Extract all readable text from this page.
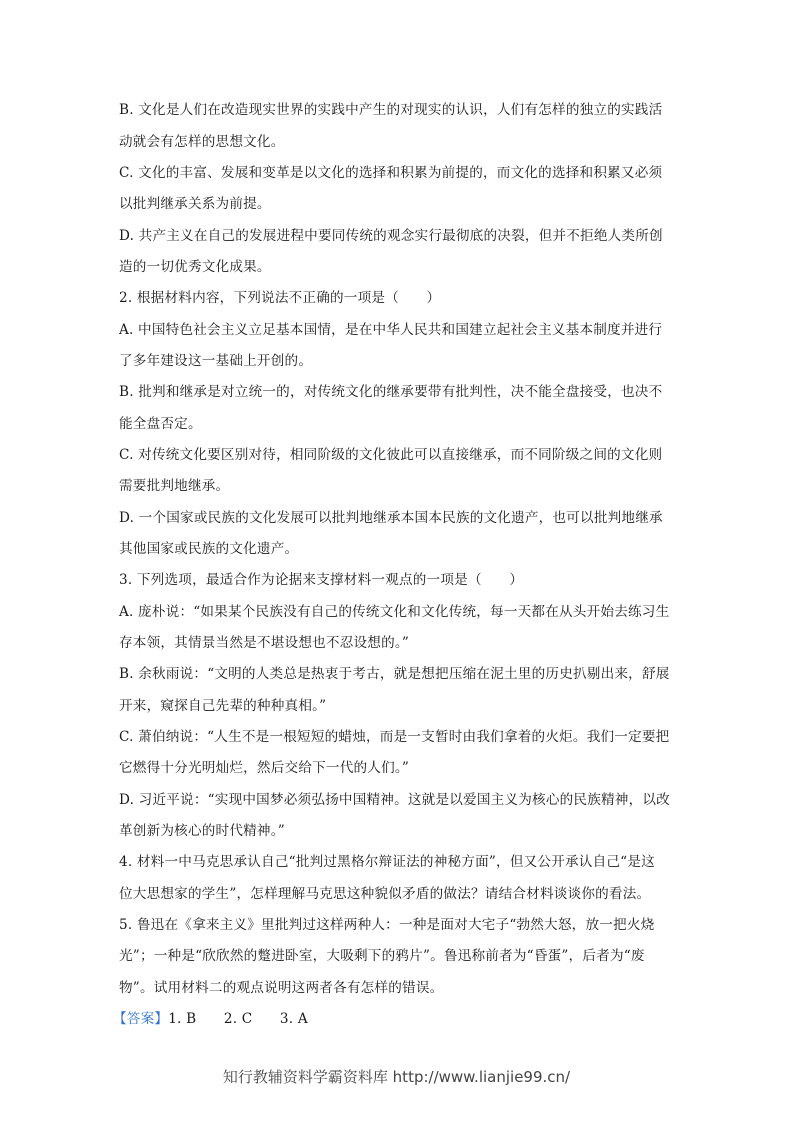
B. 文化是人们在改造现实世界的实践中产生的对现实的认识，人们有怎样的独立的实践活
动就会有怎样的思想文化。
C. 文化的丰富、发展和变革是以文化的选择和积累为前提的，而文化的选择和积累又必须
以批判继承关系为前提。
D. 共产主义在自己的发展进程中要同传统的观念实行最彻底的决裂，但并不拒绝人类所创
造的一切优秀文化成果。
2. 根据材料内容，下列说法不正确的一项是（　　）
A. 中国特色社会主义立足基本国情，是在中华人民共和国建立起社会主义基本制度并进行
了多年建设这一基础上开创的。
B. 批判和继承是对立统一的，对传统文化的继承要带有批判性，决不能全盘接受，也决不
能全盘否定。
C. 对传统文化要区别对待，相同阶级的文化彼此可以直接继承，而不同阶级之间的文化则
需要批判地继承。
D. 一个国家或民族的文化发展可以批判地继承本国本民族的文化遗产，也可以批判地继承
其他国家或民族的文化遗产。
3. 下列选项，最适合作为论据来支撑材料一观点的一项是（　　）
A. 庞朴说：“如果某个民族没有自己的传统文化和文化传统，每一天都在从头开始去练习生
存本领，其情景当然是不堪设想也不忍设想的。”
B. 余秋雨说：“文明的人类总是热衷于考古，就是想把压缩在泥土里的历史扒剔出来，舒展
开来，窥探自己先辈的种种真相。”
C. 萧伯纳说：“人生不是一根短短的蜡烛，而是一支暂时由我们拿着的火炬。我们一定要把
它燃得十分光明灿烂，然后交给下一代的人们。”
D. 习近平说：“实现中国梦必须弘扬中国精神。这就是以爱国主义为核心的民族精神，以改
革创新为核心的时代精神。”
4. 材料一中马克思承认自己“批判过黑格尔辩证法的神秘方面”，但又公开承认自己“是这
位大思想家的学生”，怎样理解马克思这种貌似矛盾的做法？请结合材料谈谈你的看法。
5. 鲁迅在《拿来主义》里批判过这样两种人：一种是面对大宅子“勃然大怒，放一把火烧
光”；一种是“欣欣然的蹩进卧室，大吸剩下的鸦片”。鲁迅称前者为“昏蛋”，后者为“废
物”。试用材料二的观点说明这两者各有怎样的错误。
【答案】1. B　　2. C　　3. A
知行教辅资料学霸资料库 http://www.lianjie99.cn/
